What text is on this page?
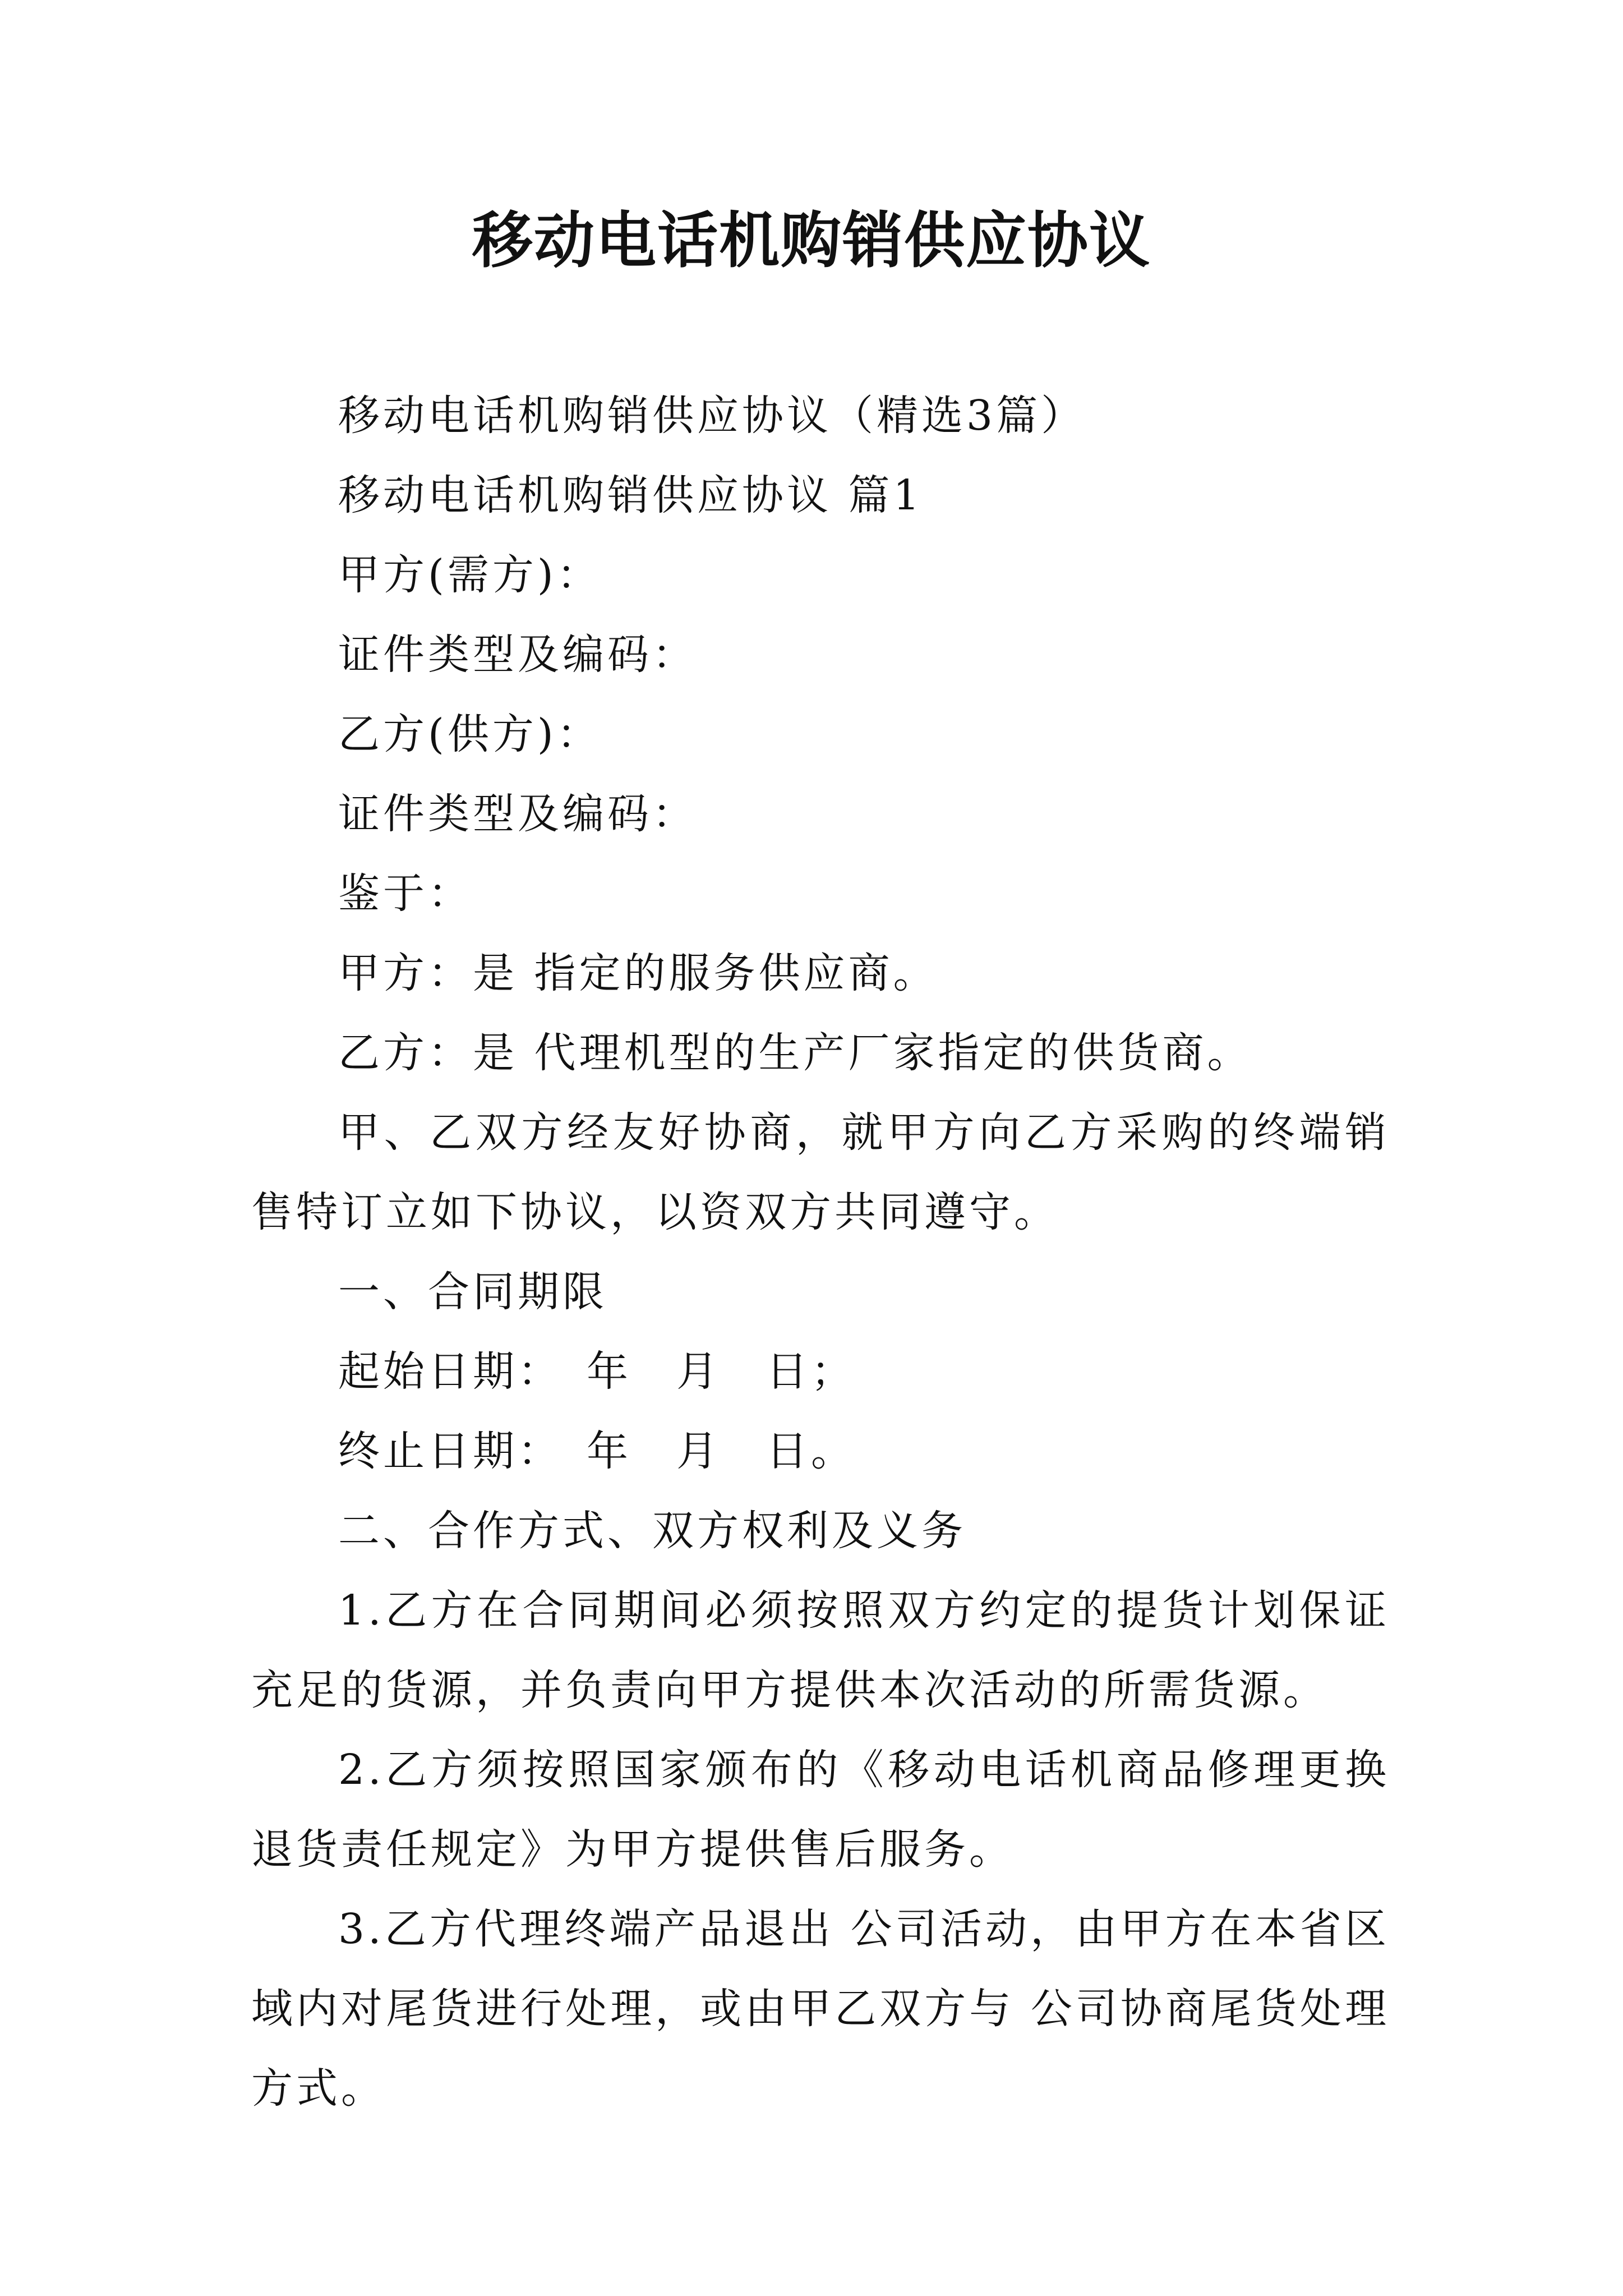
移动电话机购销供应协议

移动电话机购销供应协议（精选3篇）

移动电话机购销供应协议 篇1

甲方(需方)：

证件类型及编码：

乙方(供方)：

证件类型及编码：

鉴于：

甲方：是 指定的服务供应商。

乙方：是 代理机型的生产厂家指定的供货商。

甲、乙双方经友好协商，就甲方向乙方采购的终端销售特订立如下协议，以资双方共同遵守。

一、合同期限

起始日期：　年　月　日；

终止日期：　年　月　日。

二、合作方式、双方权利及义务

1.乙方在合同期间必须按照双方约定的提货计划保证充足的货源，并负责向甲方提供本次活动的所需货源。

2.乙方须按照国家颁布的《移动电话机商品修理更换退货责任规定》为甲方提供售后服务。

3.乙方代理终端产品退出 公司活动，由甲方在本省区域内对尾货进行处理，或由甲乙双方与 公司协商尾货处理方式。
